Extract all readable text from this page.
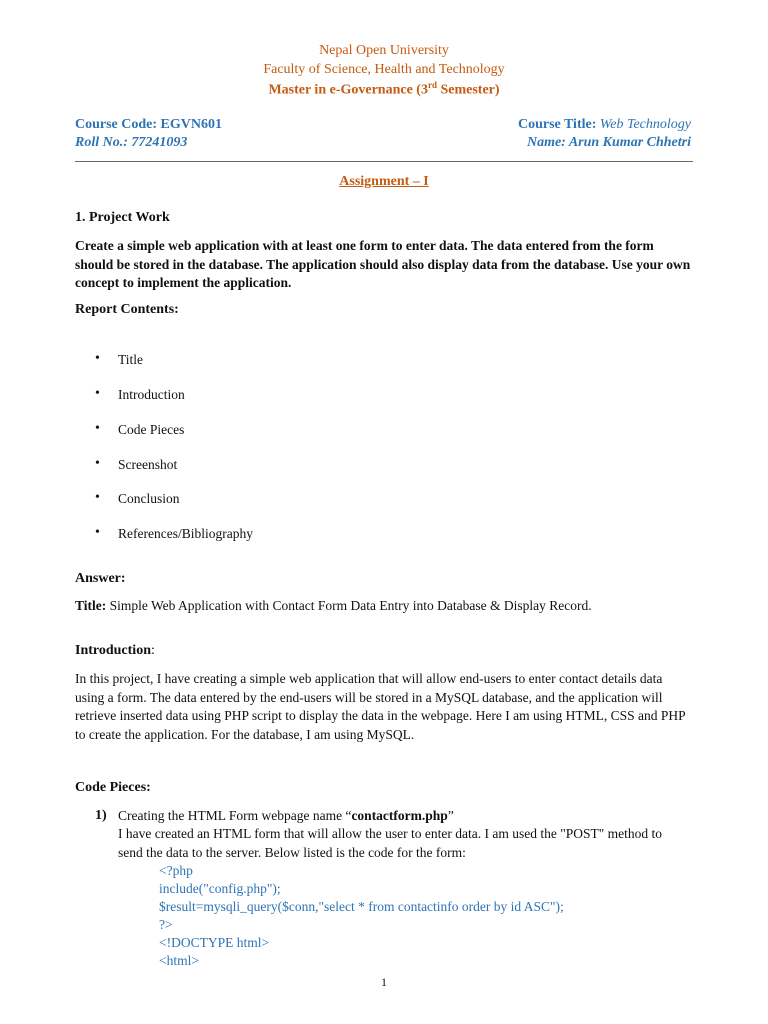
Nepal Open University
Faculty of Science, Health and Technology
Master in e-Governance (3rd Semester)
Course Code: EGVN601	Course Title: Web Technology
Roll No.: 77241093	Name: Arun Kumar Chhetri
Assignment – I
1. Project Work
Create a simple web application with at least one form to enter data. The data entered from the form should be stored in the database. The application should also display data from the database. Use your own concept to implement the application.
Report Contents:
• Title
• Introduction
• Code Pieces
• Screenshot
• Conclusion
• References/Bibliography
Answer:
Title: Simple Web Application with Contact Form Data Entry into Database & Display Record.
Introduction:
In this project, I have creating a simple web application that will allow end-users to enter contact details data using a form. The data entered by the end-users will be stored in a MySQL database, and the application will retrieve inserted data using PHP script to display the data in the webpage. Here I am using HTML, CSS and PHP to create the application. For the database, I am using MySQL.
Code Pieces:
1) Creating the HTML Form webpage name “contactform.php”
I have created an HTML form that will allow the user to enter data. I am used the "POST" method to
send the data to the server. Below listed is the code for the form:
<?php
include("config.php");
$result=mysqli_query($conn,"select * from contactinfo order by id ASC");
?>
<!DOCTYPE html>
<html>
1
